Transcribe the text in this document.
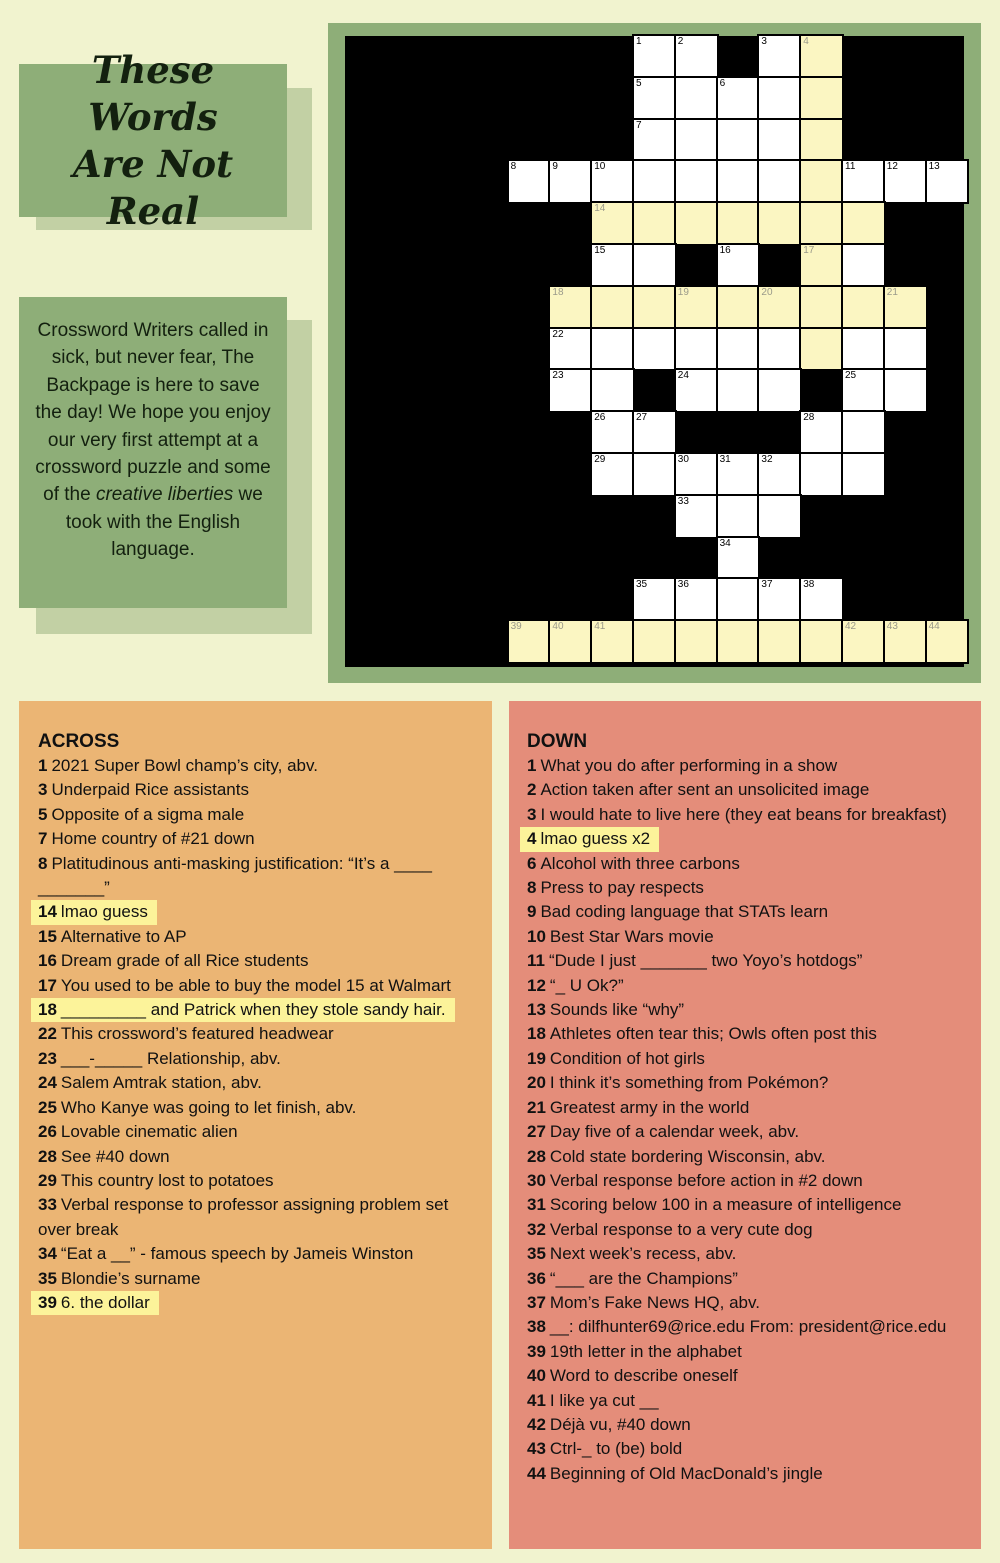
These Words
Are Not Real
Crossword Writers called in sick, but never fear, The Backpage is here to save the day! We hope you enjoy our very first attempt at a crossword puzzle and some of the creative liberties we took with the English language.
1	2	3	4
5	6
7
8	9	10	11	12	13
14
15	16	17
18	19	20	21
22
23	24	25
26	27	28
29	30	31	32
33
34
35	36	37	38
39	40	41	42	43	44
ACROSS
1 2021 Super Bowl champ’s city, abv.
3 Underpaid Rice assistants
5 Opposite of a sigma male
7 Home country of #21 down
8 Platitudinous anti-masking justification: “It’s a ____ _______”
14 lmao guess

15 Alternative to AP
16 Dream grade of all Rice students
17 You used to be able to buy the model 15 at Walmart
18 _________ and Patrick when they stole sandy hair.

22 This crossword’s featured headwear
23 ___-_____ Relationship, abv.
24 Salem Amtrak station, abv.
25 Who Kanye was going to let finish, abv.
26 Lovable cinematic alien
28 See #40 down
29 This country lost to potatoes
33 Verbal response to professor assigning problem set over break
34 “Eat a __” - famous speech by Jameis Winston
35 Blondie’s surname
39 6. the dollar

DOWN
1 What you do after performing in a show
2 Action taken after sent an unsolicited image
3 I would hate to live here (they eat beans for breakfast)
4 lmao guess x2

6 Alcohol with three carbons
8 Press to pay respects
9 Bad coding language that STATs learn
10 Best Star Wars movie
11 “Dude I just _______ two Yoyo’s hotdogs”
12 “_ U Ok?”
13 Sounds like “why”
18 Athletes often tear this; Owls often post this
19 Condition of hot girls
20 I think it’s something from Pokémon?
21 Greatest army in the world
27 Day five of a calendar week, abv.
28 Cold state bordering Wisconsin, abv.
30 Verbal response before action in #2 down
31 Scoring below 100 in a measure of intelligence
32 Verbal response to a very cute dog
35 Next week’s recess, abv.
36 “___ are the Champions”
37 Mom’s Fake News HQ, abv.
38 __: dilfhunter69@rice.edu From: president@rice.edu
39 19th letter in the alphabet
40 Word to describe oneself
41 I like ya cut __
42 Déjà vu, #40 down
43 Ctrl-_ to (be) bold
44 Beginning of Old MacDonald’s jingle
